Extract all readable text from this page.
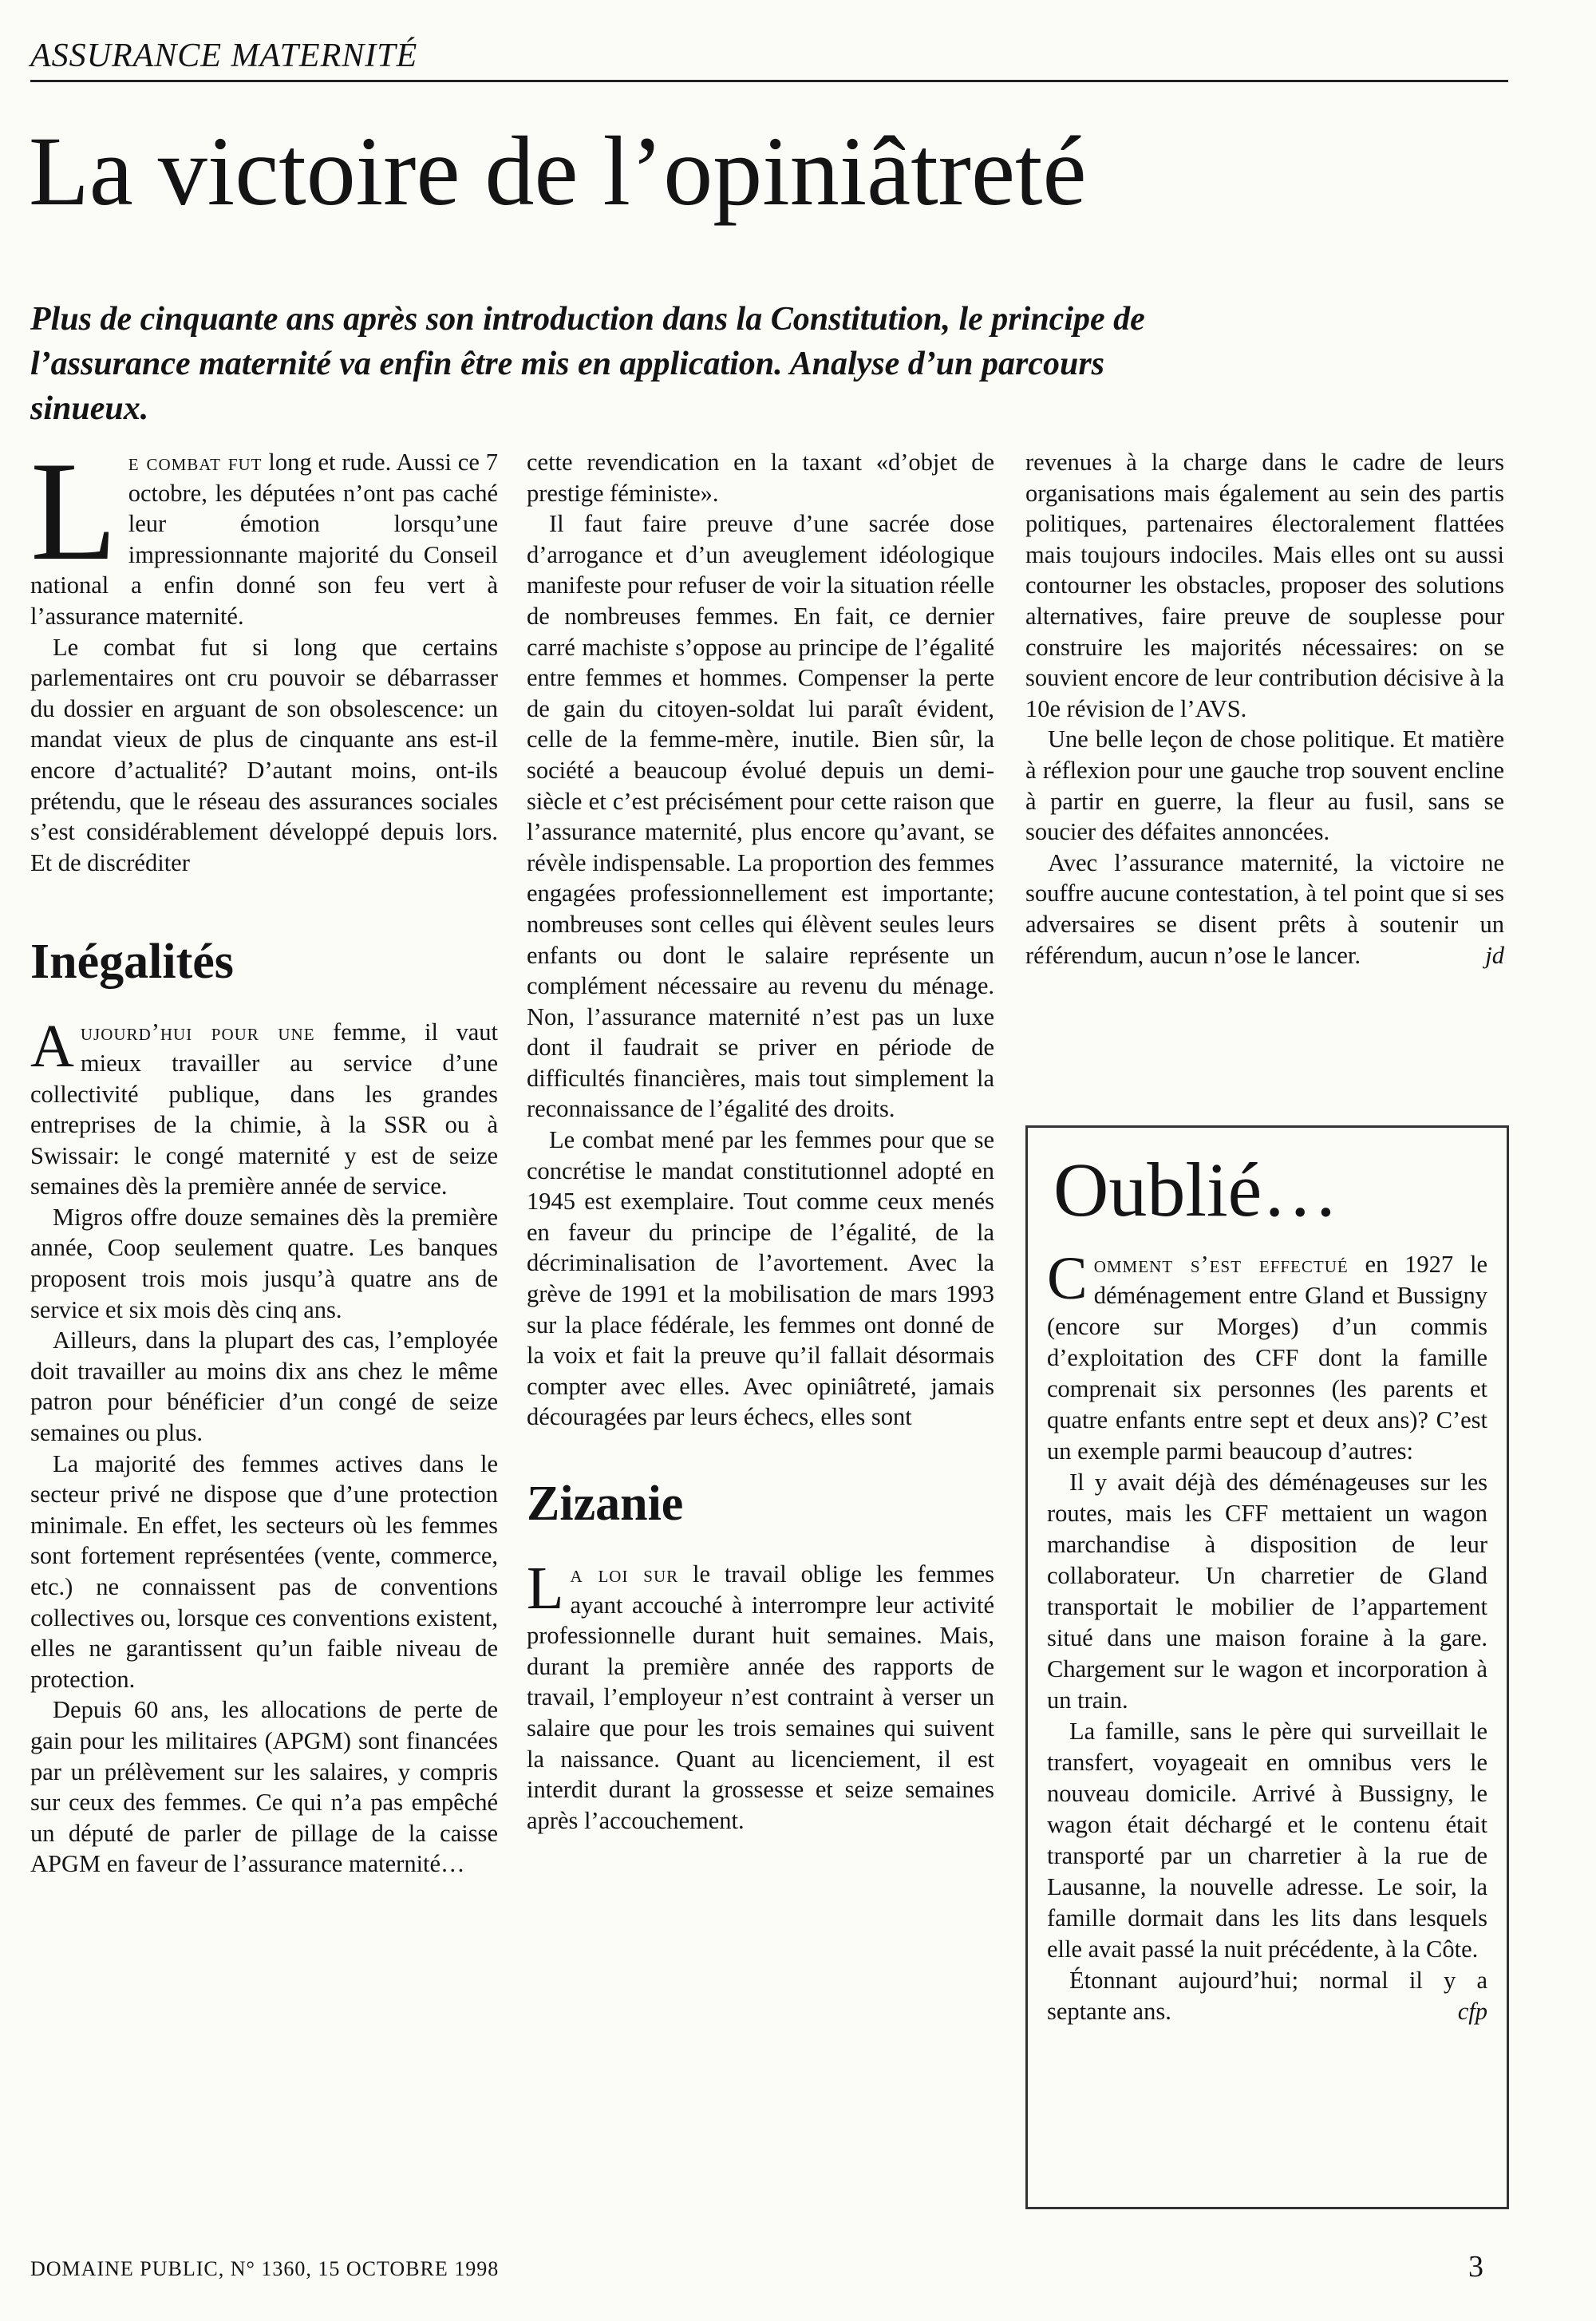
ASSURANCE MATERNITÉ
La victoire de l’opiniâtreté

Plus de cinquante ans après son introduction dans la Constitution, le principe de l’assurance maternité va enfin être mis en application. Analyse d’un parcours sinueux.

Le combat fut long et rude. Aussi ce 7 octobre, les députées n’ont pas caché leur émotion lorsqu’une impressionnante majorité du Conseil national a enfin donné son feu vert à l’assurance maternité.

Le combat fut si long que certains parlementaires ont cru pouvoir se débarrasser du dossier en arguant de son obsolescence: un mandat vieux de plus de cinquante ans est-il encore d’actualité? D’autant moins, ont-ils prétendu, que le réseau des assurances sociales s’est considérablement développé depuis lors. Et de discréditer

Inégalités

Aujourd’hui pour une femme, il vaut mieux travailler au service d’une collectivité publique, dans les grandes entreprises de la chimie, à la SSR ou à Swissair: le congé maternité y est de seize semaines dès la première année de service.

Migros offre douze semaines dès la première année, Coop seulement quatre. Les banques proposent trois mois jusqu’à quatre ans de service et six mois dès cinq ans.

Ailleurs, dans la plupart des cas, l’employée doit travailler au moins dix ans chez le même patron pour bénéficier d’un congé de seize semaines ou plus.

La majorité des femmes actives dans le secteur privé ne dispose que d’une protection minimale. En effet, les secteurs où les femmes sont fortement représentées (vente, commerce, etc.) ne connaissent pas de conventions collectives ou, lorsque ces conventions existent, elles ne garantissent qu’un faible niveau de protection.

Depuis 60 ans, les allocations de perte de gain pour les militaires (APGM) sont financées par un prélèvement sur les salaires, y compris sur ceux des femmes. Ce qui n’a pas empêché un député de parler de pillage de la caisse APGM en faveur de l’assurance maternité…

cette revendication en la taxant «d’objet de prestige féministe».

Il faut faire preuve d’une sacrée dose d’arrogance et d’un aveuglement idéologique manifeste pour refuser de voir la situation réelle de nombreuses femmes. En fait, ce dernier carré machiste s’oppose au principe de l’égalité entre femmes et hommes. Compenser la perte de gain du citoyen-soldat lui paraît évident, celle de la femme-mère, inutile. Bien sûr, la société a beaucoup évolué depuis un demi-siècle et c’est précisément pour cette raison que l’assurance maternité, plus encore qu’avant, se révèle indispensable. La proportion des femmes engagées professionnellement est importante; nombreuses sont celles qui élèvent seules leurs enfants ou dont le salaire représente un complément nécessaire au revenu du ménage. Non, l’assurance maternité n’est pas un luxe dont il faudrait se priver en période de difficultés financières, mais tout simplement la reconnaissance de l’égalité des droits.

Le combat mené par les femmes pour que se concrétise le mandat constitutionnel adopté en 1945 est exemplaire. Tout comme ceux menés en faveur du principe de l’égalité, de la décriminalisation de l’avortement. Avec la grève de 1991 et la mobilisation de mars 1993 sur la place fédérale, les femmes ont donné de la voix et fait la preuve qu’il fallait désormais compter avec elles. Avec opiniâtreté, jamais découragées par leurs échecs, elles sont

Zizanie

La loi sur le travail oblige les femmes ayant accouché à interrompre leur activité professionnelle durant huit semaines. Mais, durant la première année des rapports de travail, l’employeur n’est contraint à verser un salaire que pour les trois semaines qui suivent la naissance. Quant au licenciement, il est interdit durant la grossesse et seize semaines après l’accouchement.

revenues à la charge dans le cadre de leurs organisations mais également au sein des partis politiques, partenaires électoralement flattées mais toujours indociles. Mais elles ont su aussi contourner les obstacles, proposer des solutions alternatives, faire preuve de souplesse pour construire les majorités nécessaires: on se souvient encore de leur contribution décisive à la 10e révision de l’AVS.

Une belle leçon de chose politique. Et matière à réflexion pour une gauche trop souvent encline à partir en guerre, la fleur au fusil, sans se soucier des défaites annoncées.

Avec l’assurance maternité, la victoire ne souffre aucune contestation, à tel point que si ses adversaires se disent prêts à soutenir un référendum, aucun n’ose le lancer.	jd

Oublié…

Comment s’est effectué en 1927 le déménagement entre Gland et Bussigny (encore sur Morges) d’un commis d’exploitation des CFF dont la famille comprenait six personnes (les parents et quatre enfants entre sept et deux ans)? C’est un exemple parmi beaucoup d’autres:

Il y avait déjà des déménageuses sur les routes, mais les CFF mettaient un wagon marchandise à disposition de leur collaborateur. Un charretier de Gland transportait le mobilier de l’appartement situé dans une maison foraine à la gare. Chargement sur le wagon et incorporation à un train.

La famille, sans le père qui surveillait le transfert, voyageait en omnibus vers le nouveau domicile. Arrivé à Bussigny, le wagon était déchargé et le contenu était transporté par un charretier à la rue de Lausanne, la nouvelle adresse. Le soir, la famille dormait dans les lits dans lesquels elle avait passé la nuit précédente, à la Côte.

Étonnant aujourd’hui; normal il y a septante ans.	cfp

DOMAINE PUBLIC, N° 1360, 15 OCTOBRE 1998	3
